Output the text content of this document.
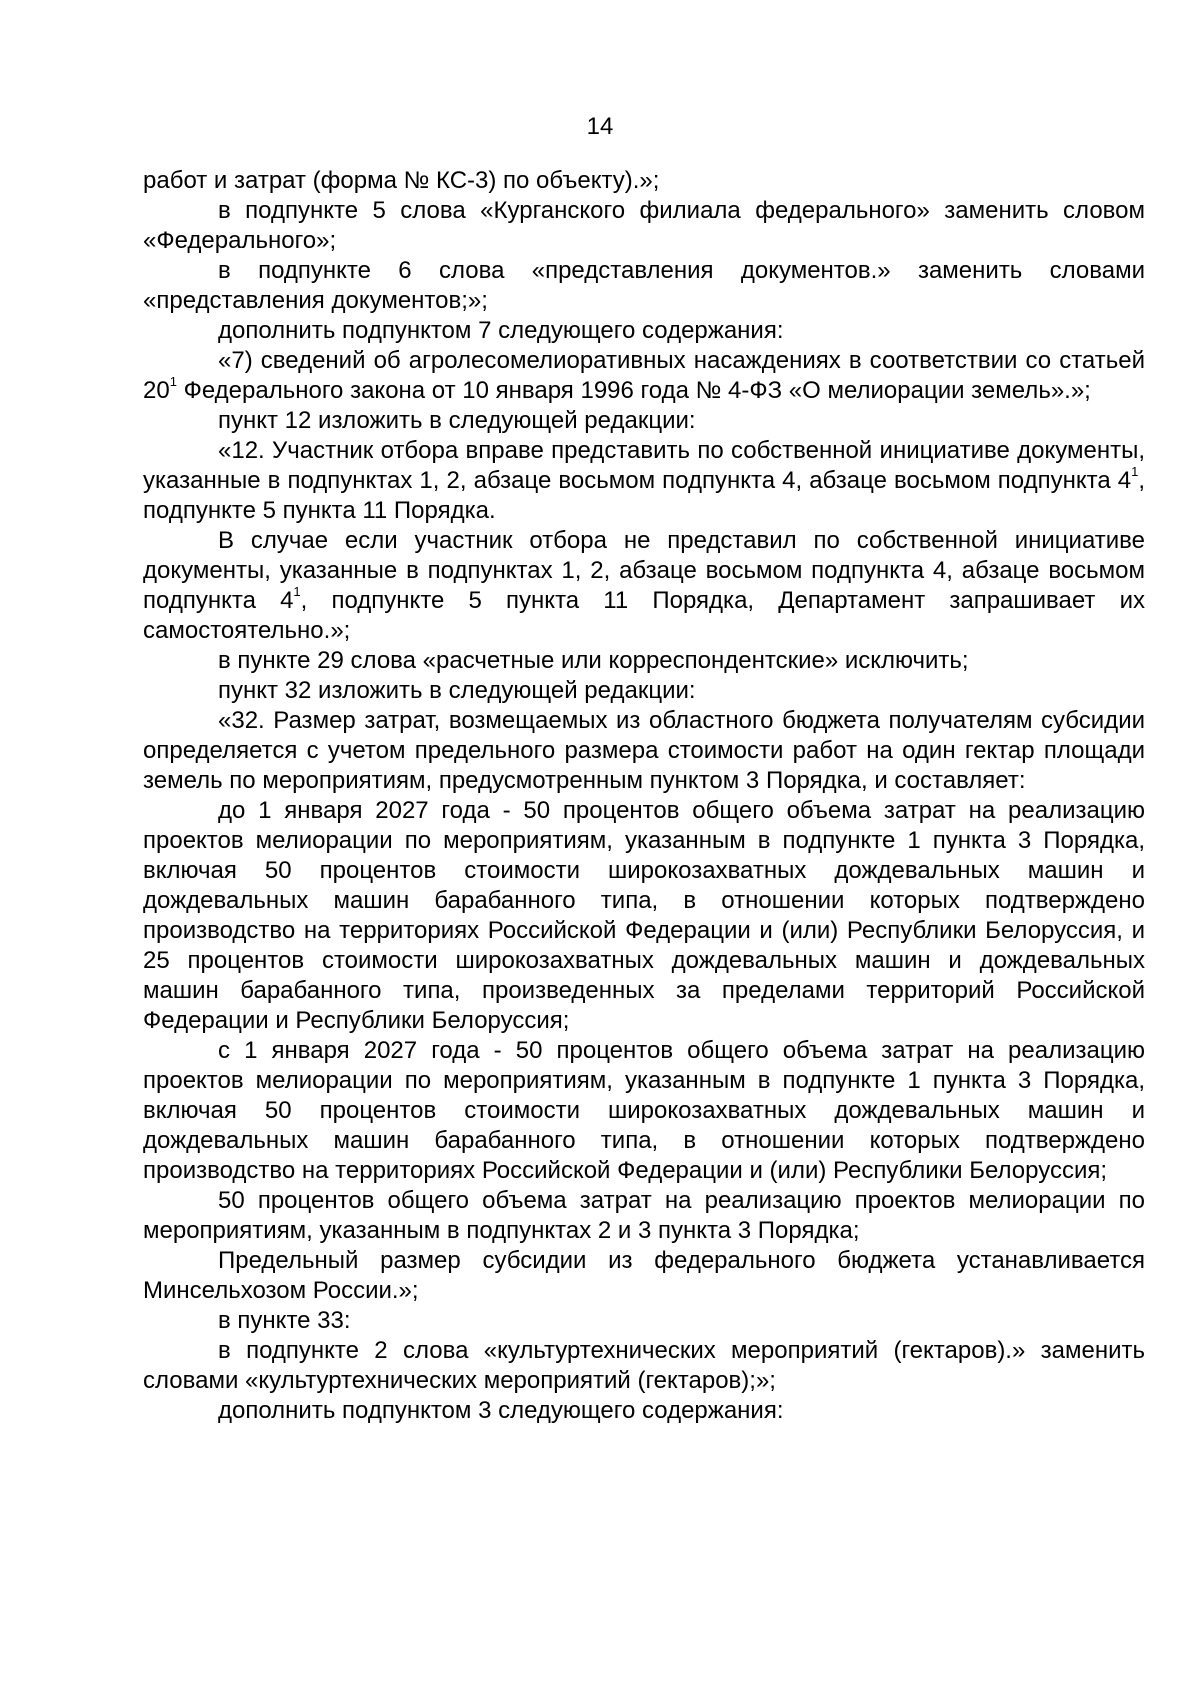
14

работ и затрат (форма № КС-3) по объекту).»;

в подпункте 5 слова «Курганского филиала федерального» заменить словом «Федерального»;

в подпункте 6 слова «представления документов.» заменить словами «представления документов;»;

дополнить подпунктом 7 следующего содержания:

«7) сведений об агролесомелиоративных насаждениях в соответствии со статьей $20^1$ Федерального закона от 10 января 1996 года № 4-ФЗ «О мелиорации земель».»;

пункт 12 изложить в следующей редакции:

«12. Участник отбора вправе представить по собственной инициативе документы, указанные в подпунктах 1, 2, абзаце восьмом подпункта 4, абзаце восьмом подпункта $4^1$, подпункте 5 пункта 11 Порядка.

В случае если участник отбора не представил по собственной инициативе документы, указанные в подпунктах 1, 2, абзаце восьмом подпункта 4, абзаце восьмом подпункта $4^1$, подпункте 5 пункта 11 Порядка, Департамент запрашивает их самостоятельно.»;

в пункте 29 слова «расчетные или корреспондентские» исключить;

пункт 32 изложить в следующей редакции:

«32. Размер затрат, возмещаемых из областного бюджета получателям субсидии определяется с учетом предельного размера стоимости работ на один гектар площади земель по мероприятиям, предусмотренным пунктом 3 Порядка, и составляет:

до 1 января 2027 года - 50 процентов общего объема затрат на реализацию проектов мелиорации по мероприятиям, указанным в подпункте 1 пункта 3 Порядка, включая 50 процентов стоимости широкозахватных дождевальных машин и дождевальных машин барабанного типа, в отношении которых подтверждено производство на территориях Российской Федерации и (или) Республики Белоруссия, и 25 процентов стоимости широкозахватных дождевальных машин и дождевальных машин барабанного типа, произведенных за пределами территорий Российской Федерации и Республики Белоруссия;

с 1 января 2027 года - 50 процентов общего объема затрат на реализацию проектов мелиорации по мероприятиям, указанным в подпункте 1 пункта 3 Порядка, включая 50 процентов стоимости широкозахватных дождевальных машин и дождевальных машин барабанного типа, в отношении которых подтверждено производство на территориях Российской Федерации и (или) Республики Белоруссия;

50 процентов общего объема затрат на реализацию проектов мелиорации по мероприятиям, указанным в подпунктах 2 и 3 пункта 3 Порядка;

Предельный размер субсидии из федерального бюджета устанавливается Минсельхозом России.»;

в пункте 33:

в подпункте 2 слова «культуртехнических мероприятий (гектаров).» заменить словами «культуртехнических мероприятий (гектаров);»;

дополнить подпунктом 3 следующего содержания:
